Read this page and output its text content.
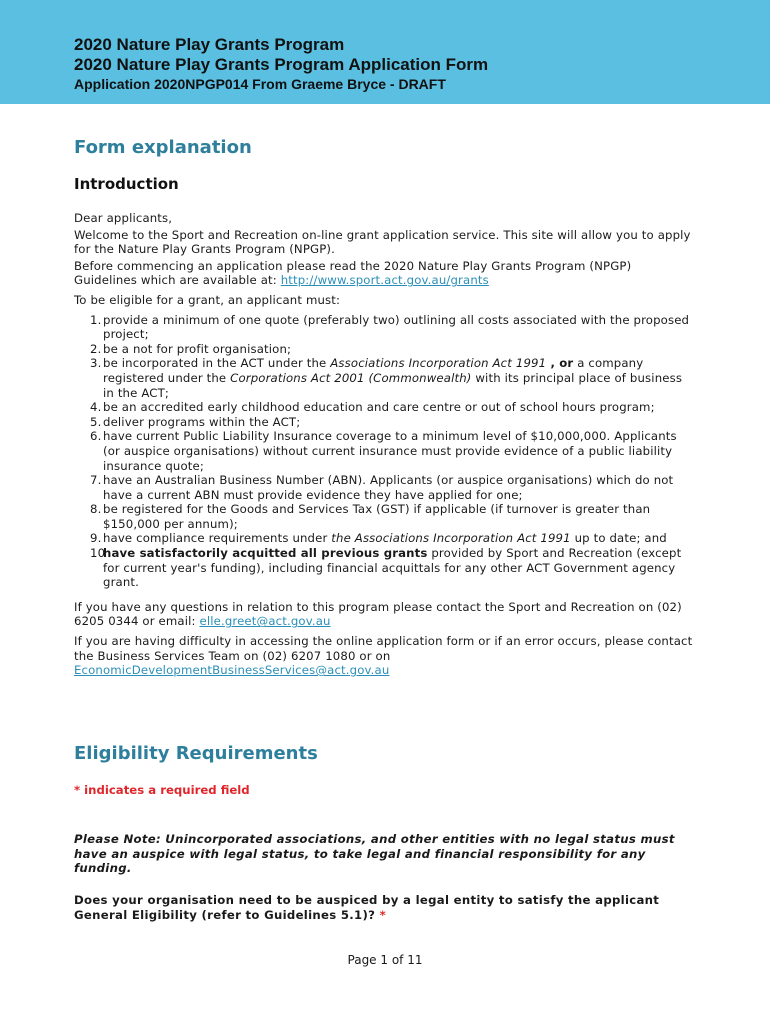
2020 Nature Play Grants Program
2020 Nature Play Grants Program Application Form
Application 2020NPGP014 From Graeme Bryce - DRAFT
Form explanation
Introduction

Dear applicants,

Welcome to the Sport and Recreation on-line grant application service. This site will allow you to apply for the Nature Play Grants Program (NPGP).

Before commencing an application please read the 2020 Nature Play Grants Program (NPGP) Guidelines which are available at: http://www.sport.act.gov.au/grants

To be eligible for a grant, an applicant must:

1. provide a minimum of one quote (preferably two) outlining all costs associated with the proposed project;
2. be a not for profit organisation;
3. be incorporated in the ACT under the Associations Incorporation Act 1991 , or a company registered under the Corporations Act 2001 (Commonwealth) with its principal place of business in the ACT;
4. be an accredited early childhood education and care centre or out of school hours program;
5. deliver programs within the ACT;
6. have current Public Liability Insurance coverage to a minimum level of $10,000,000. Applicants (or auspice organisations) without current insurance must provide evidence of a public liability insurance quote;
7. have an Australian Business Number (ABN). Applicants (or auspice organisations) which do not have a current ABN must provide evidence they have applied for one;
8. be registered for the Goods and Services Tax (GST) if applicable (if turnover is greater than $150,000 per annum);
9. have compliance requirements under the Associations Incorporation Act 1991 up to date; and
10
have satisfactorily acquitted all previous grants provided by Sport and Recreation (except for current year's funding), including financial acquittals for any other ACT Government agency grant.

If you have any questions in relation to this program please contact the Sport and Recreation on (02) 6205 0344 or email: elle.greet@act.gov.au

If you are having difficulty in accessing the online application form or if an error occurs, please contact the Business Services Team on (02) 6207 1080 or on EconomicDevelopmentBusinessServices@act.gov.au

Eligibility Requirements
* indicates a required field
Please Note: Unincorporated associations, and other entities with no legal status must have an auspice with legal status, to take legal and financial responsibility for any funding.
Does your organisation need to be auspiced by a legal entity to satisfy the applicant General Eligibility (refer to Guidelines 5.1)? *
Page 1 of 11
